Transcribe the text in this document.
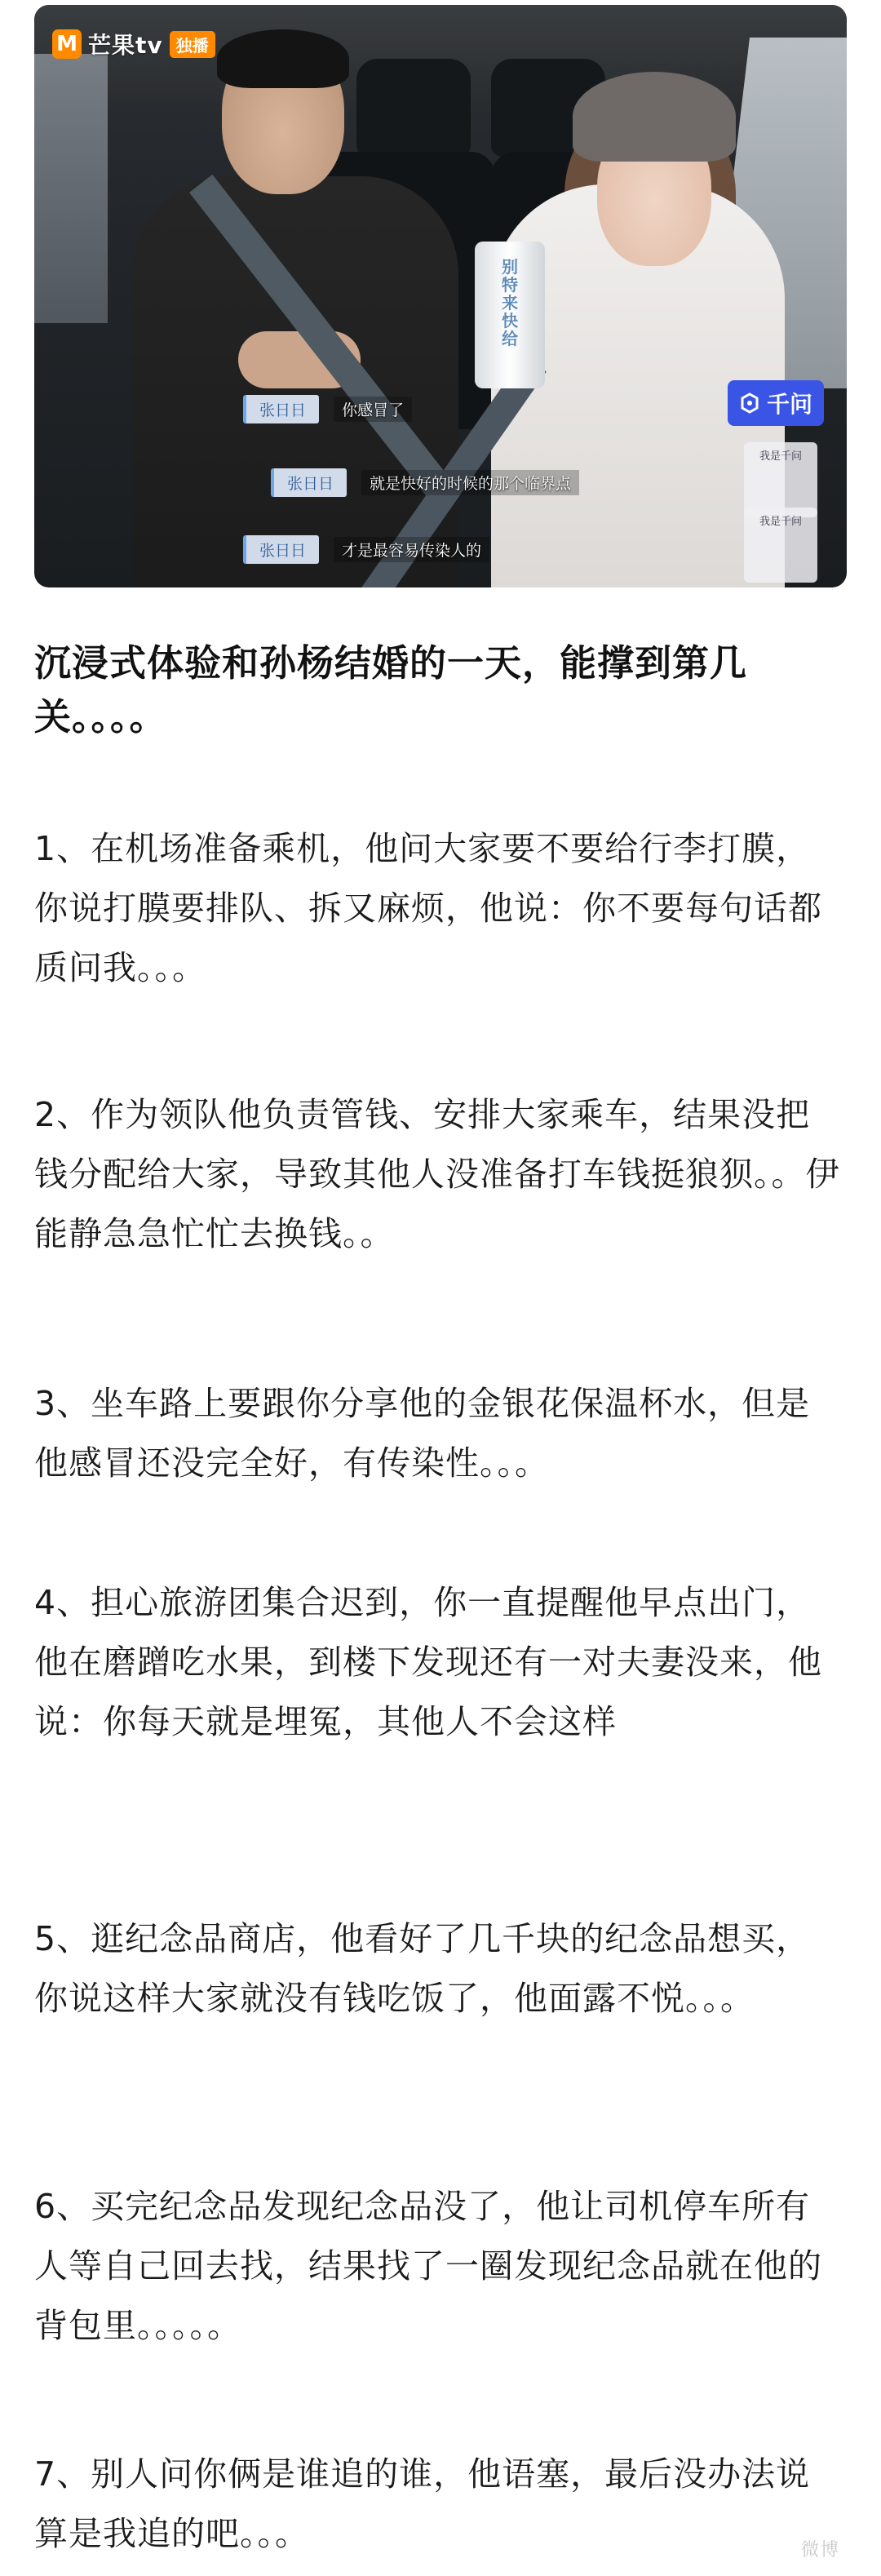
别特来快给
M 芒果tv 独播
千问
我是千问
我是千问
张日日	你感冒了
张日日	就是快好的时候的那个临界点
张日日	才是最容易传染人的
沉浸式体验和孙杨结婚的一天，能撑到第几关。。。。
1、在机场准备乘机，他问大家要不要给行李打膜，你说打膜要排队、拆又麻烦，他说：你不要每句话都质问我。。。
2、作为领队他负责管钱、安排大家乘车，结果没把钱分配给大家，导致其他人没准备打车钱挺狼狈。。伊能静急急忙忙去换钱。。
3、坐车路上要跟你分享他的金银花保温杯水，但是他感冒还没完全好，有传染性。。。
4、担心旅游团集合迟到，你一直提醒他早点出门，他在磨蹭吃水果，到楼下发现还有一对夫妻没来，他说：你每天就是埋冤，其他人不会这样
5、逛纪念品商店，他看好了几千块的纪念品想买，你说这样大家就没有钱吃饭了，他面露不悦。。。
6、买完纪念品发现纪念品没了，他让司机停车所有人等自己回去找，结果找了一圈发现纪念品就在他的背包里。。。。。
7、别人问你俩是谁追的谁，他语塞，最后没办法说算是我追的吧。。。	微博
